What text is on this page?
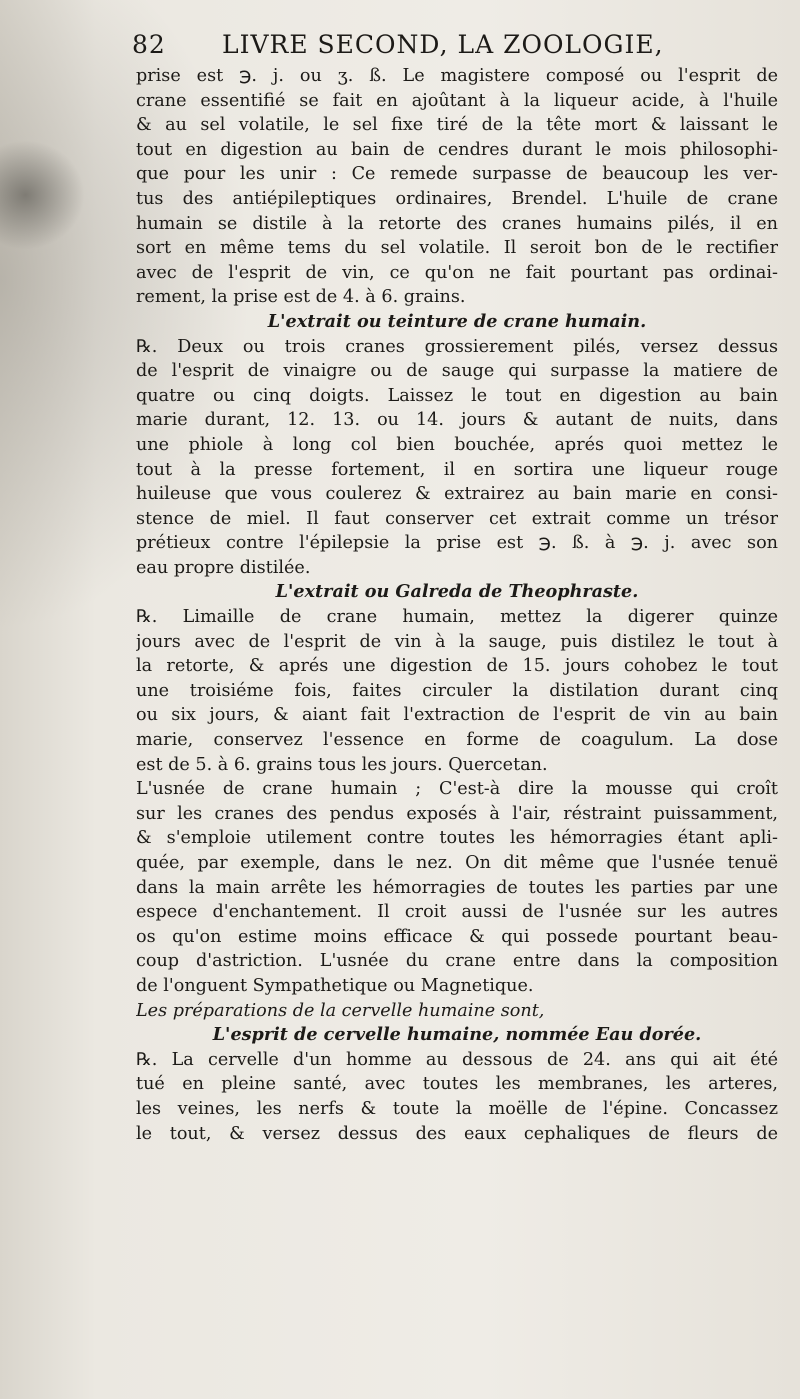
82 LIVRE SECOND, LA ZOOLOGIE,
prise est ℈. j. ou ʒ. ß. Le magistere composé ou l'esprit de
crane essentifié se fait en ajoûtant à la liqueur acide, à l'huile
& au sel volatile, le sel fixe tiré de la tête mort & laissant le
tout en digestion au bain de cendres durant le mois philosophi-
que pour les unir : Ce remede surpasse de beaucoup les ver-
tus des antiépileptiques ordinaires, Brendel. L'huile de crane
humain se distile à la retorte des cranes humains pilés, il en
sort en même tems du sel volatile. Il seroit bon de le rectifier
avec de l'esprit de vin, ce qu'on ne fait pourtant pas ordinai-
rement, la prise est de 4. à 6. grains.
L'extrait ou teinture de crane humain.
℞. Deux ou trois cranes grossierement pilés, versez dessus
de l'esprit de vinaigre ou de sauge qui surpasse la matiere de
quatre ou cinq doigts. Laissez le tout en digestion au bain
marie durant, 12. 13. ou 14. jours & autant de nuits, dans
une phiole à long col bien bouchée, aprés quoi mettez le
tout à la presse fortement, il en sortira une liqueur rouge
huileuse que vous coulerez & extrairez au bain marie en consi-
stence de miel. Il faut conserver cet extrait comme un trésor
prétieux contre l'épilepsie la prise est ℈. ß. à ℈. j. avec son
eau propre distilée.
L'extrait ou Galreda de Theophraste.
℞. Limaille de crane humain, mettez la digerer quinze
jours avec de l'esprit de vin à la sauge, puis distilez le tout à
la retorte, & aprés une digestion de 15. jours cohobez le tout
une troisiéme fois, faites circuler la distilation durant cinq
ou six jours, & aiant fait l'extraction de l'esprit de vin au bain
marie, conservez l'essence en forme de coagulum. La dose
est de 5. à 6. grains tous les jours. Quercetan.
L'usnée de crane humain ; C'est-à dire la mousse qui croît
sur les cranes des pendus exposés à l'air, réstraint puissamment,
& s'emploie utilement contre toutes les hémorragies étant apli-
quée, par exemple, dans le nez. On dit même que l'usnée tenuë
dans la main arrête les hémorragies de toutes les parties par une
espece d'enchantement. Il croit aussi de l'usnée sur les autres
os qu'on estime moins efficace & qui possede pourtant beau-
coup d'astriction. L'usnée du crane entre dans la composition
de l'onguent Sympathetique ou Magnetique.
Les préparations de la cervelle humaine sont,
L'esprit de cervelle humaine, nommée Eau dorée.
℞. La cervelle d'un homme au dessous de 24. ans qui ait été
tué en pleine santé, avec toutes les membranes, les arteres,
les veines, les nerfs & toute la moëlle de l'épine. Concassez
le tout, & versez dessus des eaux cephaliques de fleurs de
